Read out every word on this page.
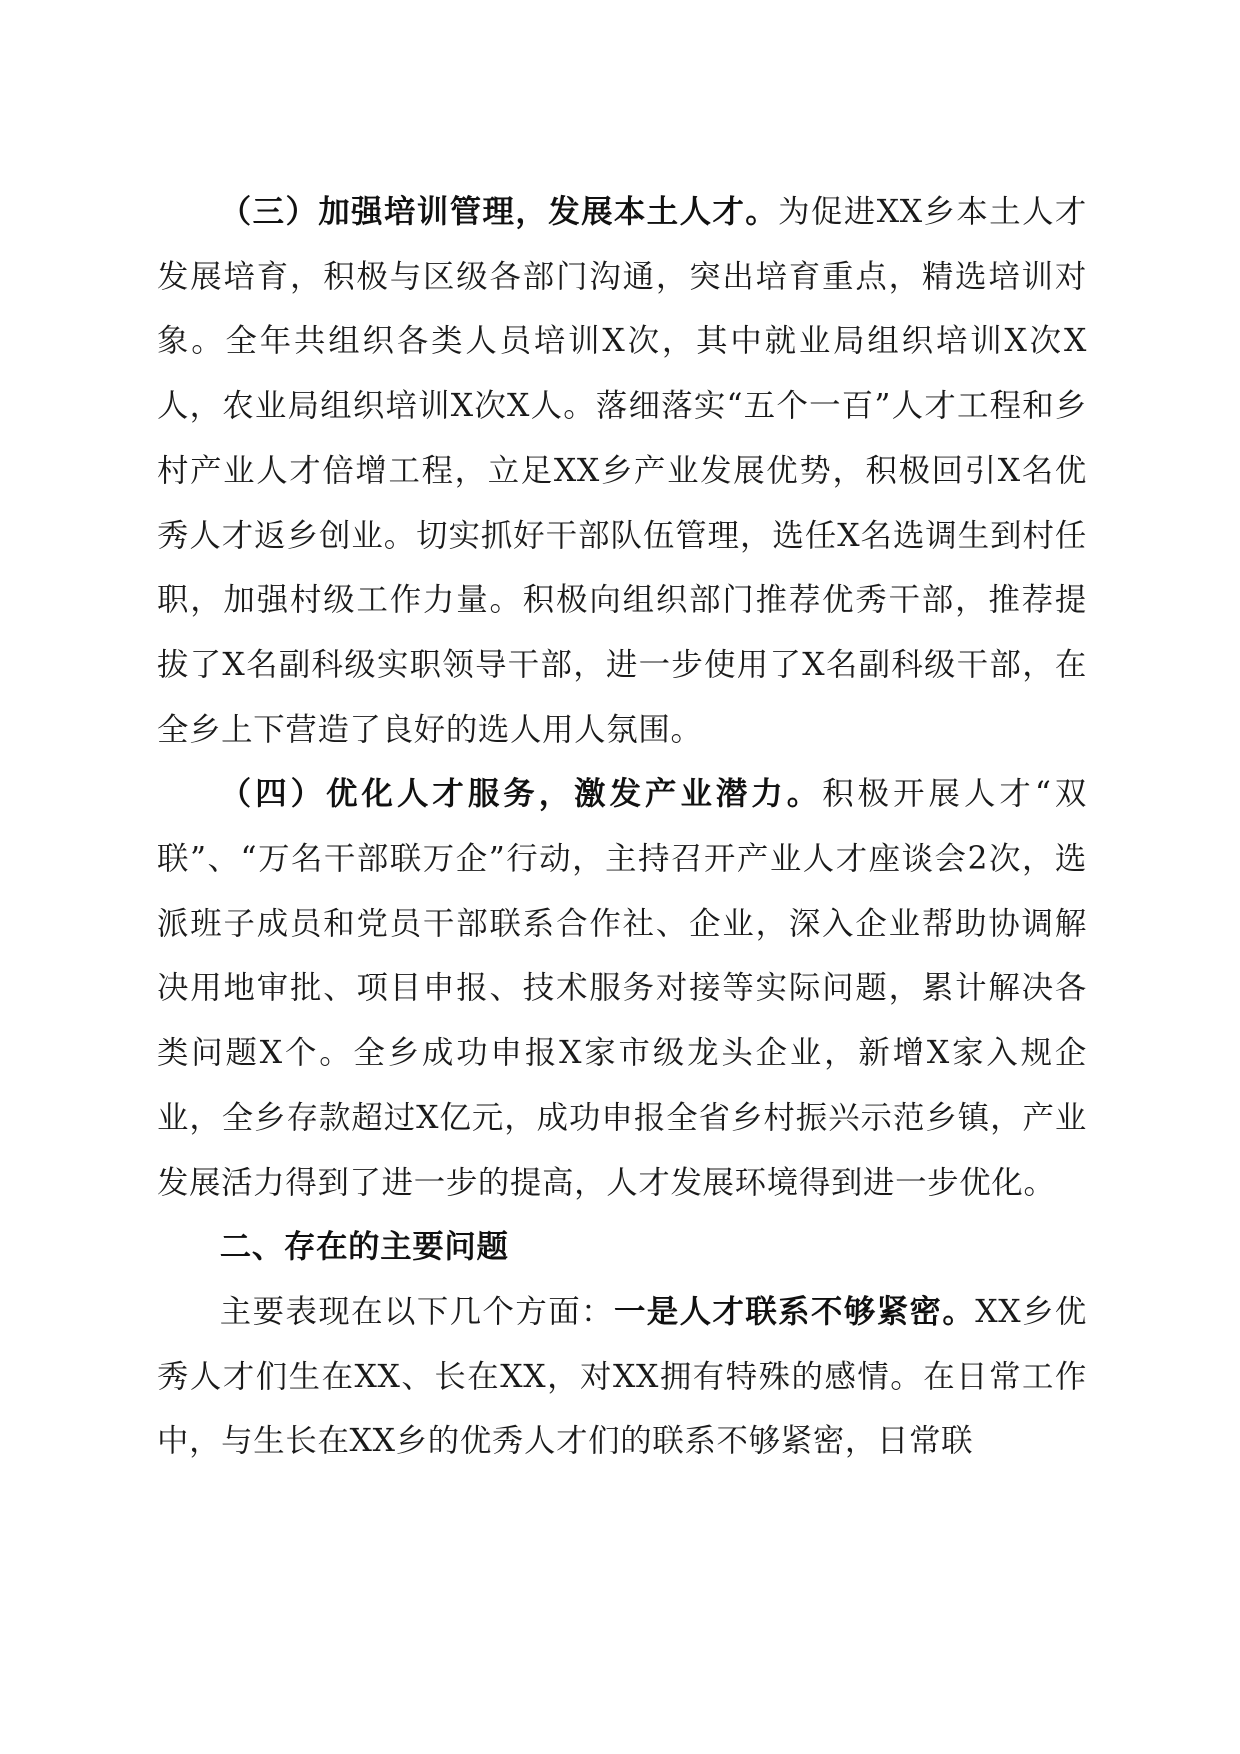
（三）加强培训管理，发展本土人才。为促进XX乡本土人才发展培育，积极与区级各部门沟通，突出培育重点，精选培训对象。全年共组织各类人员培训X次，其中就业局组织培训X次X人，农业局组织培训X次X人。落细落实“五个一百”人才工程和乡村产业人才倍增工程，立足XX乡产业发展优势，积极回引X名优秀人才返乡创业。切实抓好干部队伍管理，选任X名选调生到村任职，加强村级工作力量。积极向组织部门推荐优秀干部，推荐提拔了X名副科级实职领导干部，进一步使用了X名副科级干部，在全乡上下营造了良好的选人用人氛围。

（四）优化人才服务，激发产业潜力。积极开展人才“双联”、“万名干部联万企”行动，主持召开产业人才座谈会2次，选派班子成员和党员干部联系合作社、企业，深入企业帮助协调解决用地审批、项目申报、技术服务对接等实际问题，累计解决各类问题X个。全乡成功申报X家市级龙头企业，新增X家入规企业，全乡存款超过X亿元，成功申报全省乡村振兴示范乡镇，产业发展活力得到了进一步的提高，人才发展环境得到进一步优化。

二、存在的主要问题

主要表现在以下几个方面：一是人才联系不够紧密。XX乡优秀人才们生在XX、长在XX，对XX拥有特殊的感情。在日常工作中，与生长在XX乡的优秀人才们的联系不够紧密，日常联
